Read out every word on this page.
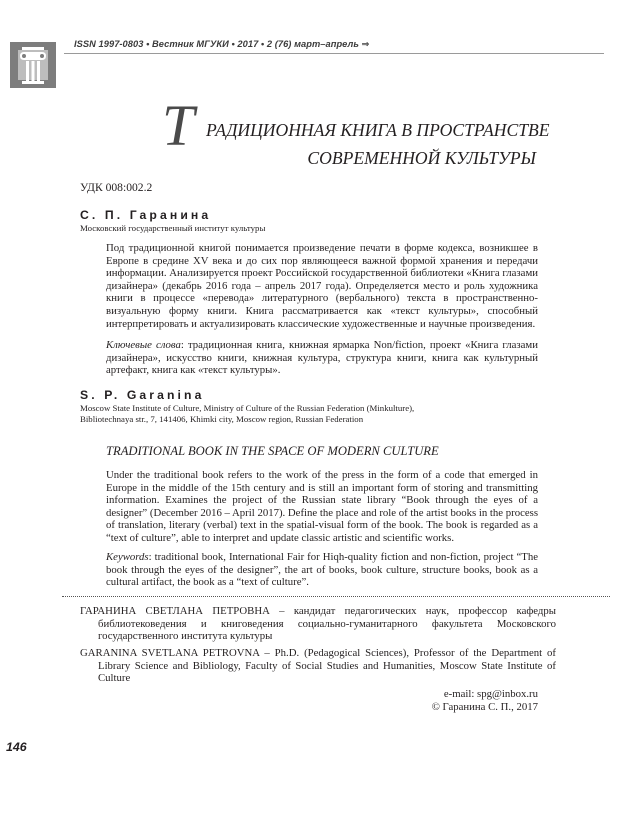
ISSN 1997-0803 • Вестник МГУКИ • 2017 • 2 (76) март–апрель ⇒
Т РАДИЦИОННАЯ КНИГА В ПРОСТРАНСТВЕ
СОВРЕМЕННОЙ КУЛЬТУРЫ
УДК 008:002.2
С. П. Гаранина
Московский государственный институт культуры
Под традиционной книгой понимается произведение печати в форме кодекса, возникшее в Европе в средине XV века и до сих пор являющееся важной формой хранения и передачи информации. Анализируется проект Российской государственной библиотеки «Книга глазами дизайнера» (декабрь 2016 года – апрель 2017 года). Определяется место и роль художника книги в процессе «перевода» литературного (вербального) текста в пространственно-визуальную форму книги. Книга рассматривается как «текст культуры», способный интерпретировать и актуализировать классические художественные и научные произведения.
Ключевые слова: традиционная книга, книжная ярмарка Non/fiction, проект «Книга глазами дизайнера», искусство книги, книжная культура, структура книги, книга как культурный артефакт, книга как «текст культуры».
S. P. Garanina
Moscow State Institute of Culture, Ministry of Culture of the Russian Federation (Minkulture),
Bibliotechnaya str., 7, 141406, Khimki city, Moscow region, Russian Federation
TRADITIONAL BOOK IN THE SPACE OF MODERN CULTURE
Under the traditional book refers to the work of the press in the form of a code that emerged in Europe in the middle of the 15th century and is still an important form of storing and transmitting information. Examines the project of the Russian state library “Book through the eyes of a designer” (December 2016 – April 2017). Define the place and role of the artist books in the process of translation, literary (verbal) text in the spatial-visual form of the book. The book is regarded as a “text of culture”, able to interpret and update classic artistic and scientific works.
Keywords: traditional book, International Fair for Hiqh-quality fiction and non-fiction, project “The book through the eyes of the designer”, the art of books, book culture, structure books, book as a cultural artifact, the book as a “text of culture”.
ГАРАНИНА СВЕТЛАНА ПЕТРОВНА – кандидат педагогических наук, профессор кафедры библиотековедения и книговедения социально-гуманитарного факультета Московского государственного института культуры
GARANINA SVETLANA PETROVNA – Ph.D. (Pedagogical Sciences), Professor of the Department of Library Science and Bibliology, Faculty of Social Studies and Humanities, Moscow State Institute of Culture
e-mail: spg@inbox.ru
© Гаранина С. П., 2017
146
